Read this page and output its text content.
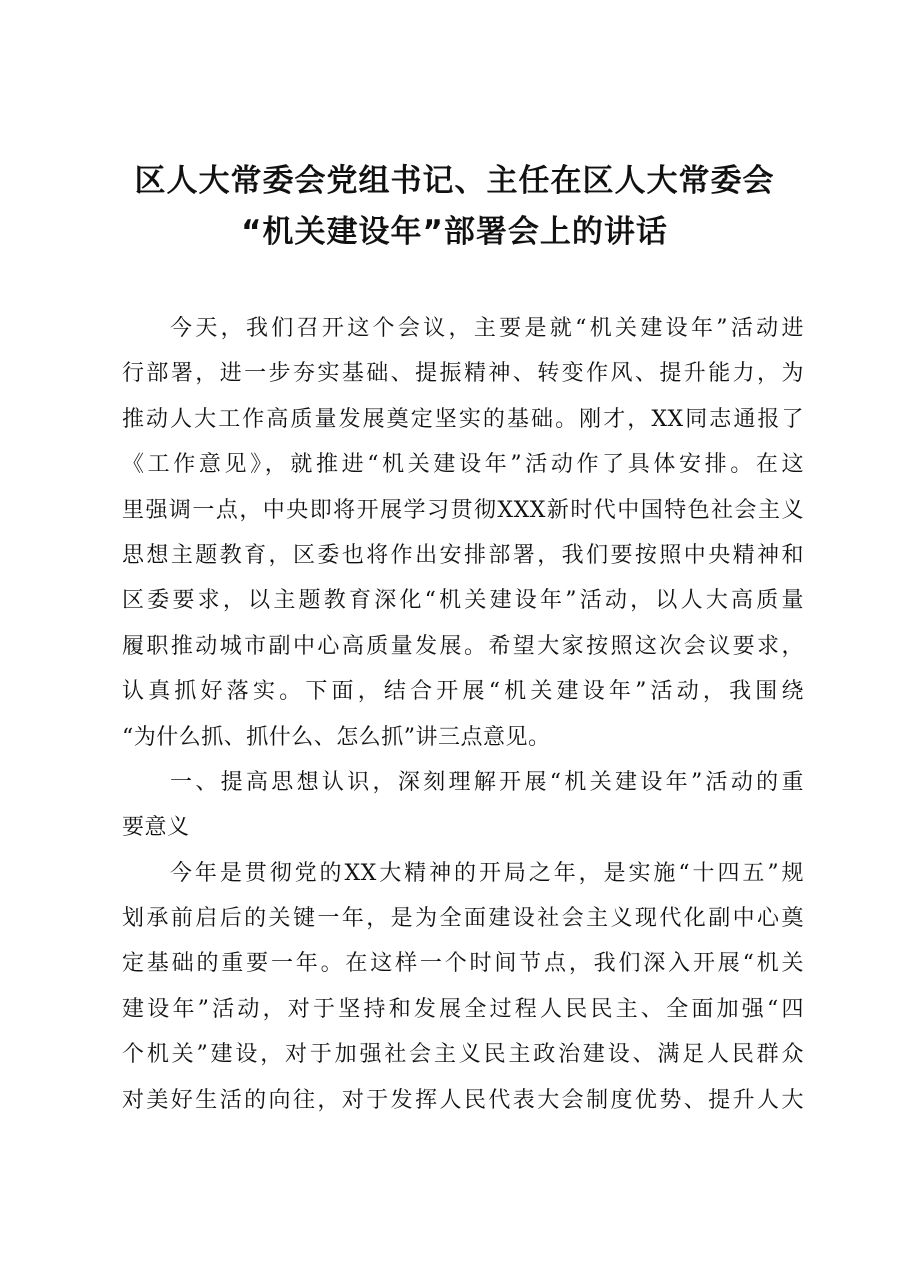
区人大常委会党组书记、主任在区人大常委会
“机关建设年”部署会上的讲话
今天，我们召开这个会议，主要是就“机关建设年”活动进
行部署，进一步夯实基础、提振精神、转变作风、提升能力，为
推动人大工作高质量发展奠定坚实的基础。刚才，XX同志通报了
《工作意见》，就推进“机关建设年”活动作了具体安排。在这
里强调一点，中央即将开展学习贯彻XXX新时代中国特色社会主义
思想主题教育，区委也将作出安排部署，我们要按照中央精神和
区委要求，以主题教育深化“机关建设年”活动，以人大高质量
履职推动城市副中心高质量发展。希望大家按照这次会议要求，
认真抓好落实。下面，结合开展“机关建设年”活动，我围绕
“为什么抓、抓什么、怎么抓”讲三点意见。
一、提高思想认识，深刻理解开展“机关建设年”活动的重
要意义
今年是贯彻党的XX大精神的开局之年，是实施“十四五”规
划承前启后的关键一年，是为全面建设社会主义现代化副中心奠
定基础的重要一年。在这样一个时间节点，我们深入开展“机关
建设年”活动，对于坚持和发展全过程人民民主、全面加强“四
个机关”建设，对于加强社会主义民主政治建设、满足人民群众
对美好生活的向往，对于发挥人民代表大会制度优势、提升人大
